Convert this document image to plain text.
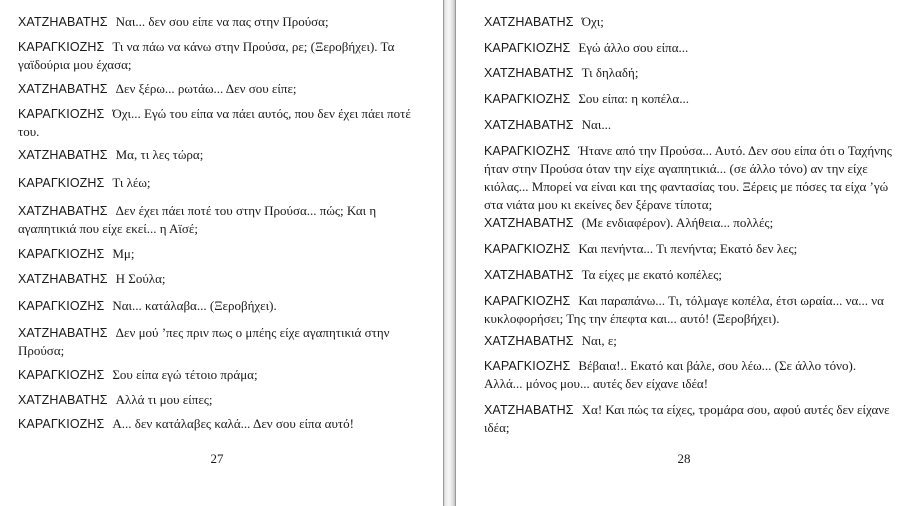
ΧΑΤΖΗΑΒΑΤΗΣ Ναι... δεν σου είπε να πας στην Προύσα;

ΚΑΡΑΓΚΙΟΖΗΣ Τι να πάω να κάνω στην Προύσα, ρε; (Ξεροβήχει). Τα γαϊδούρια μου έχασα;

ΧΑΤΖΗΑΒΑΤΗΣ Δεν ξέρω... ρωτάω... Δεν σου είπε;

ΚΑΡΑΓΚΙΟΖΗΣ Όχι... Εγώ του είπα να πάει αυτός, που δεν έχει πάει ποτέ του.

ΧΑΤΖΗΑΒΑΤΗΣ Μα, τι λες τώρα;

ΚΑΡΑΓΚΙΟΖΗΣ Τι λέω;

ΧΑΤΖΗΑΒΑΤΗΣ Δεν έχει πάει ποτέ του στην Προύσα... πώς; Και η αγαπητικιά που είχε εκεί... η Αϊσέ;

ΚΑΡΑΓΚΙΟΖΗΣ Μμ;

ΧΑΤΖΗΑΒΑΤΗΣ Η Σούλα;

ΚΑΡΑΓΚΙΟΖΗΣ Ναι... κατάλαβα... (Ξεροβήχει).

ΧΑΤΖΗΑΒΑΤΗΣ Δεν μού ’πες πριν πως ο μπέης είχε αγαπητικιά στην Προύσα;

ΚΑΡΑΓΚΙΟΖΗΣ Σου είπα εγώ τέτοιο πράμα;

ΧΑΤΖΗΑΒΑΤΗΣ Αλλά τι μου είπες;

ΚΑΡΑΓΚΙΟΖΗΣ Α... δεν κατάλαβες καλά... Δεν σου είπα αυτό!

27

ΧΑΤΖΗΑΒΑΤΗΣ Όχι;

ΚΑΡΑΓΚΙΟΖΗΣ Εγώ άλλο σου είπα...

ΧΑΤΖΗΑΒΑΤΗΣ Τι δηλαδή;

ΚΑΡΑΓΚΙΟΖΗΣ Σου είπα: η κοπέλα...

ΧΑΤΖΗΑΒΑΤΗΣ Ναι...

ΚΑΡΑΓΚΙΟΖΗΣ Ήτανε από την Προύσα... Αυτό. Δεν σου είπα ότι ο Ταχήνης ήταν στην Προύσα όταν την είχε αγαπητικιά... (σε άλλο τόνο) αν την είχε κιόλας... Μπορεί να είναι και της φαντασίας του. Ξέρεις με πόσες τα είχα ’γώ στα νιάτα μου κι εκείνες δεν ξέρανε τίποτα;

ΧΑΤΖΗΑΒΑΤΗΣ (Με ενδιαφέρον). Αλήθεια... πολλές;

ΚΑΡΑΓΚΙΟΖΗΣ Και πενήντα... Τι πενήντα; Εκατό δεν λες;

ΧΑΤΖΗΑΒΑΤΗΣ Τα είχες με εκατό κοπέλες;

ΚΑΡΑΓΚΙΟΖΗΣ Και παραπάνω... Τι, τόλμαγε κοπέλα, έτσι ωραία... να... να κυκλοφορήσει; Της την έπεφτα και... αυτό! (Ξεροβήχει).

ΧΑΤΖΗΑΒΑΤΗΣ Ναι, ε;

ΚΑΡΑΓΚΙΟΖΗΣ Βέβαια!.. Εκατό και βάλε, σου λέω... (Σε άλλο τόνο). Αλλά... μόνος μου... αυτές δεν είχανε ιδέα!

ΧΑΤΖΗΑΒΑΤΗΣ Χα! Και πώς τα είχες, τρομάρα σου, αφού αυτές δεν είχανε ιδέα;

28
